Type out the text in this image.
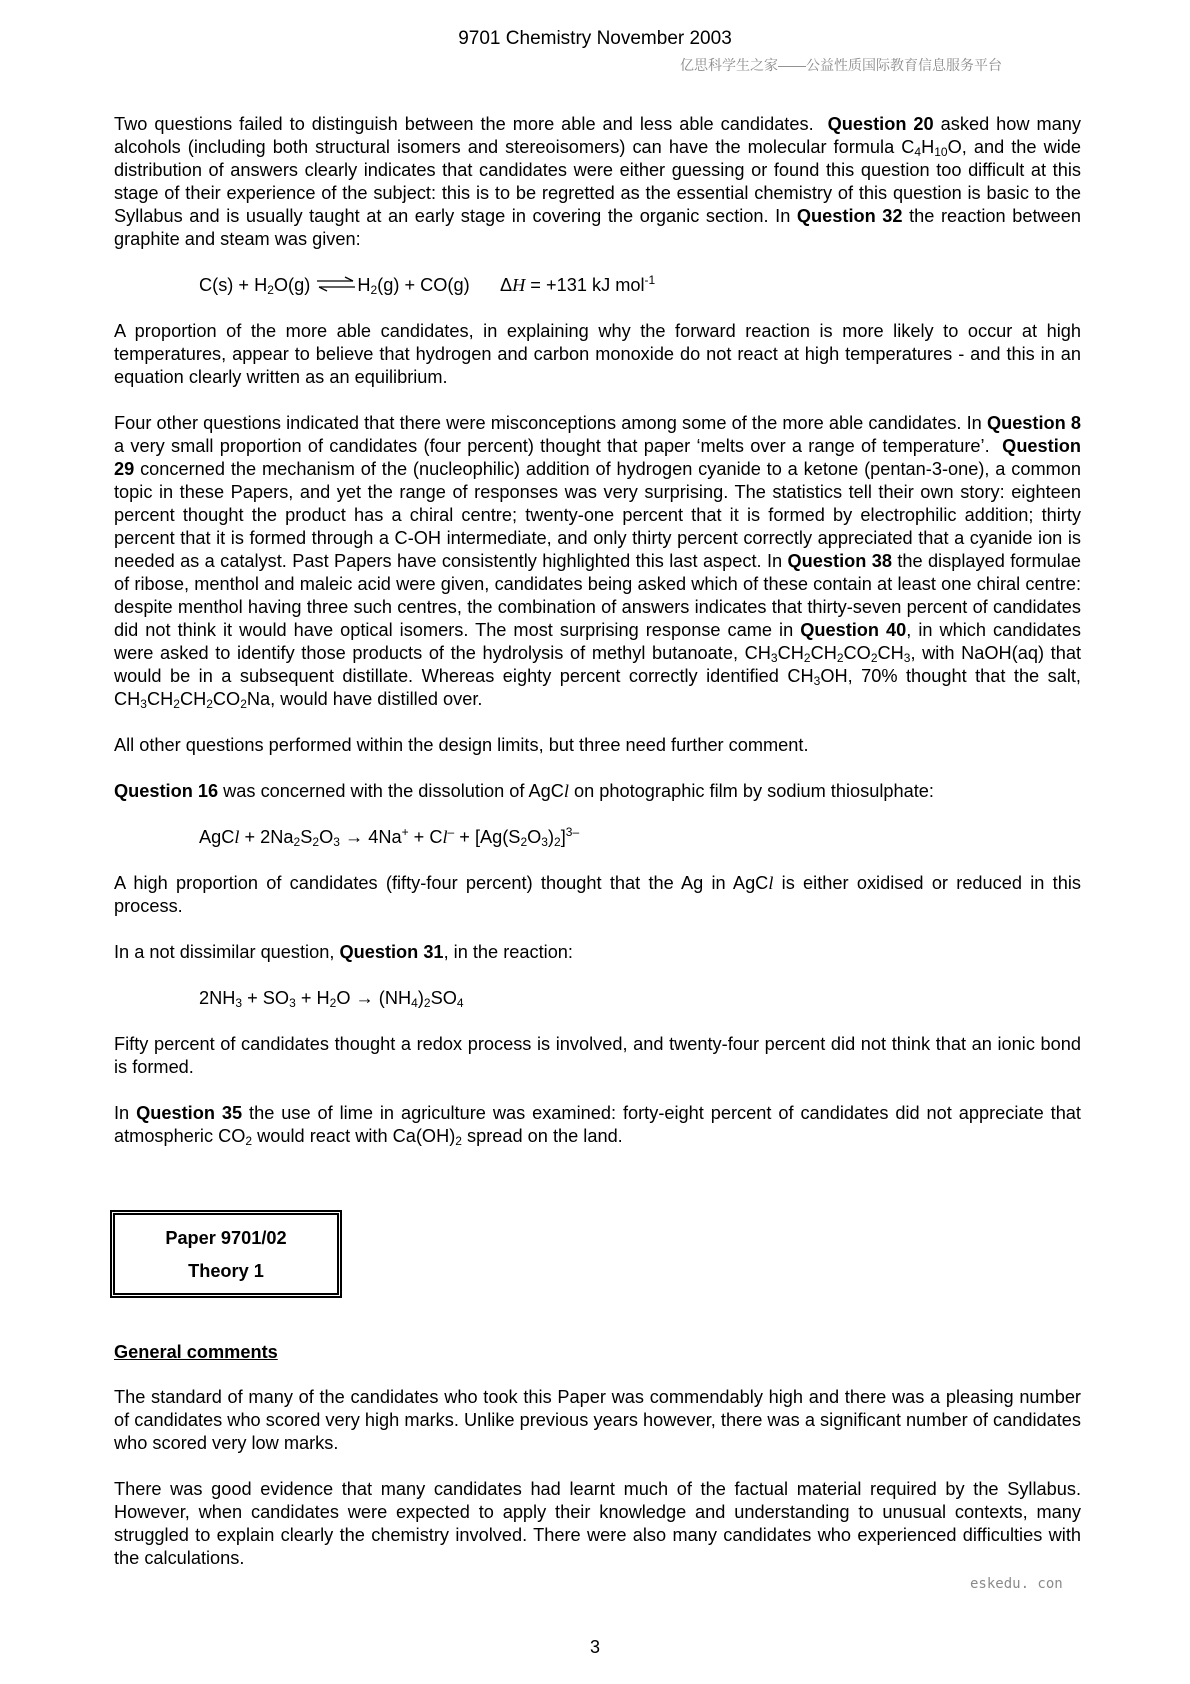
9701 Chemistry November 2003
亿思科学生之家——公益性质国际教育信息服务平台

Two questions failed to distinguish between the more able and less able candidates. Question 20 asked how many alcohols (including both structural isomers and stereoisomers) can have the molecular formula $C_4H_{10}O$, and the wide distribution of answers clearly indicates that candidates were either guessing or found this question too difficult at this stage of their experience of the subject: this is to be regretted as the essential chemistry of this question is basic to the Syllabus and is usually taught at an early stage in covering the organic section. In Question 32 the reaction between graphite and steam was given:

$C(s) + H_2O(g)$ $\rightleftharpoons H_2(g) + CO(g)$      ΔH = +131 kJ mol$^{-1}$

A proportion of the more able candidates, in explaining why the forward reaction is more likely to occur at high temperatures, appear to believe that hydrogen and carbon monoxide do not react at high temperatures - and this in an equation clearly written as an equilibrium.

Four other questions indicated that there were misconceptions among some of the more able candidates. In Question 8 a very small proportion of candidates (four percent) thought that paper ‘melts over a range of temperature’. Question 29 concerned the mechanism of the (nucleophilic) addition of hydrogen cyanide to a ketone (pentan-3-one), a common topic in these Papers, and yet the range of responses was very surprising. The statistics tell their own story: eighteen percent thought the product has a chiral centre; twenty-one percent that it is formed by electrophilic addition; thirty percent that it is formed through a C-OH intermediate, and only thirty percent correctly appreciated that a cyanide ion is needed as a catalyst. Past Papers have consistently highlighted this last aspect. In Question 38 the displayed formulae of ribose, menthol and maleic acid were given, candidates being asked which of these contain at least one chiral centre: despite menthol having three such centres, the combination of answers indicates that thirty-seven percent of candidates did not think it would have optical isomers. The most surprising response came in Question 40, in which candidates were asked to identify those products of the hydrolysis of methyl butanoate, $CH_3CH_2CH_2CO_2CH_3$, with NaOH(aq) that would be in a subsequent distillate. Whereas eighty percent correctly identified $CH_3OH$, 70% thought that the salt, $CH_3CH_2CH_2CO_2Na$, would have distilled over.

All other questions performed within the design limits, but three need further comment.

Question 16 was concerned with the dissolution of AgCl on photographic film by sodium thiosulphate:

AgCl + $2Na_2S_2O_3 \to 4Na^+ + Cl^- + [Ag(S_2O_3)_2]^{3-}$

A high proportion of candidates (fifty-four percent) thought that the Ag in AgCl is either oxidised or reduced in this process.

In a not dissimilar question, Question 31, in the reaction:

$2NH_3 + SO_3 + H_2O \to (NH_4)_2SO_4$

Fifty percent of candidates thought a redox process is involved, and twenty-four percent did not think that an ionic bond is formed.

In Question 35 the use of lime in agriculture was examined: forty-eight percent of candidates did not appreciate that atmospheric $CO_2$ would react with $Ca(OH)_2$ spread on the land.

Paper 9701/02
Theory 1
General comments

The standard of many of the candidates who took this Paper was commendably high and there was a pleasing number of candidates who scored very high marks. Unlike previous years however, there was a significant number of candidates who scored very low marks.

There was good evidence that many candidates had learnt much of the factual material required by the Syllabus. However, when candidates were expected to apply their knowledge and understanding to unusual contexts, many struggled to explain clearly the chemistry involved. There were also many candidates who experienced difficulties with the calculations.

eskedu. con
3
